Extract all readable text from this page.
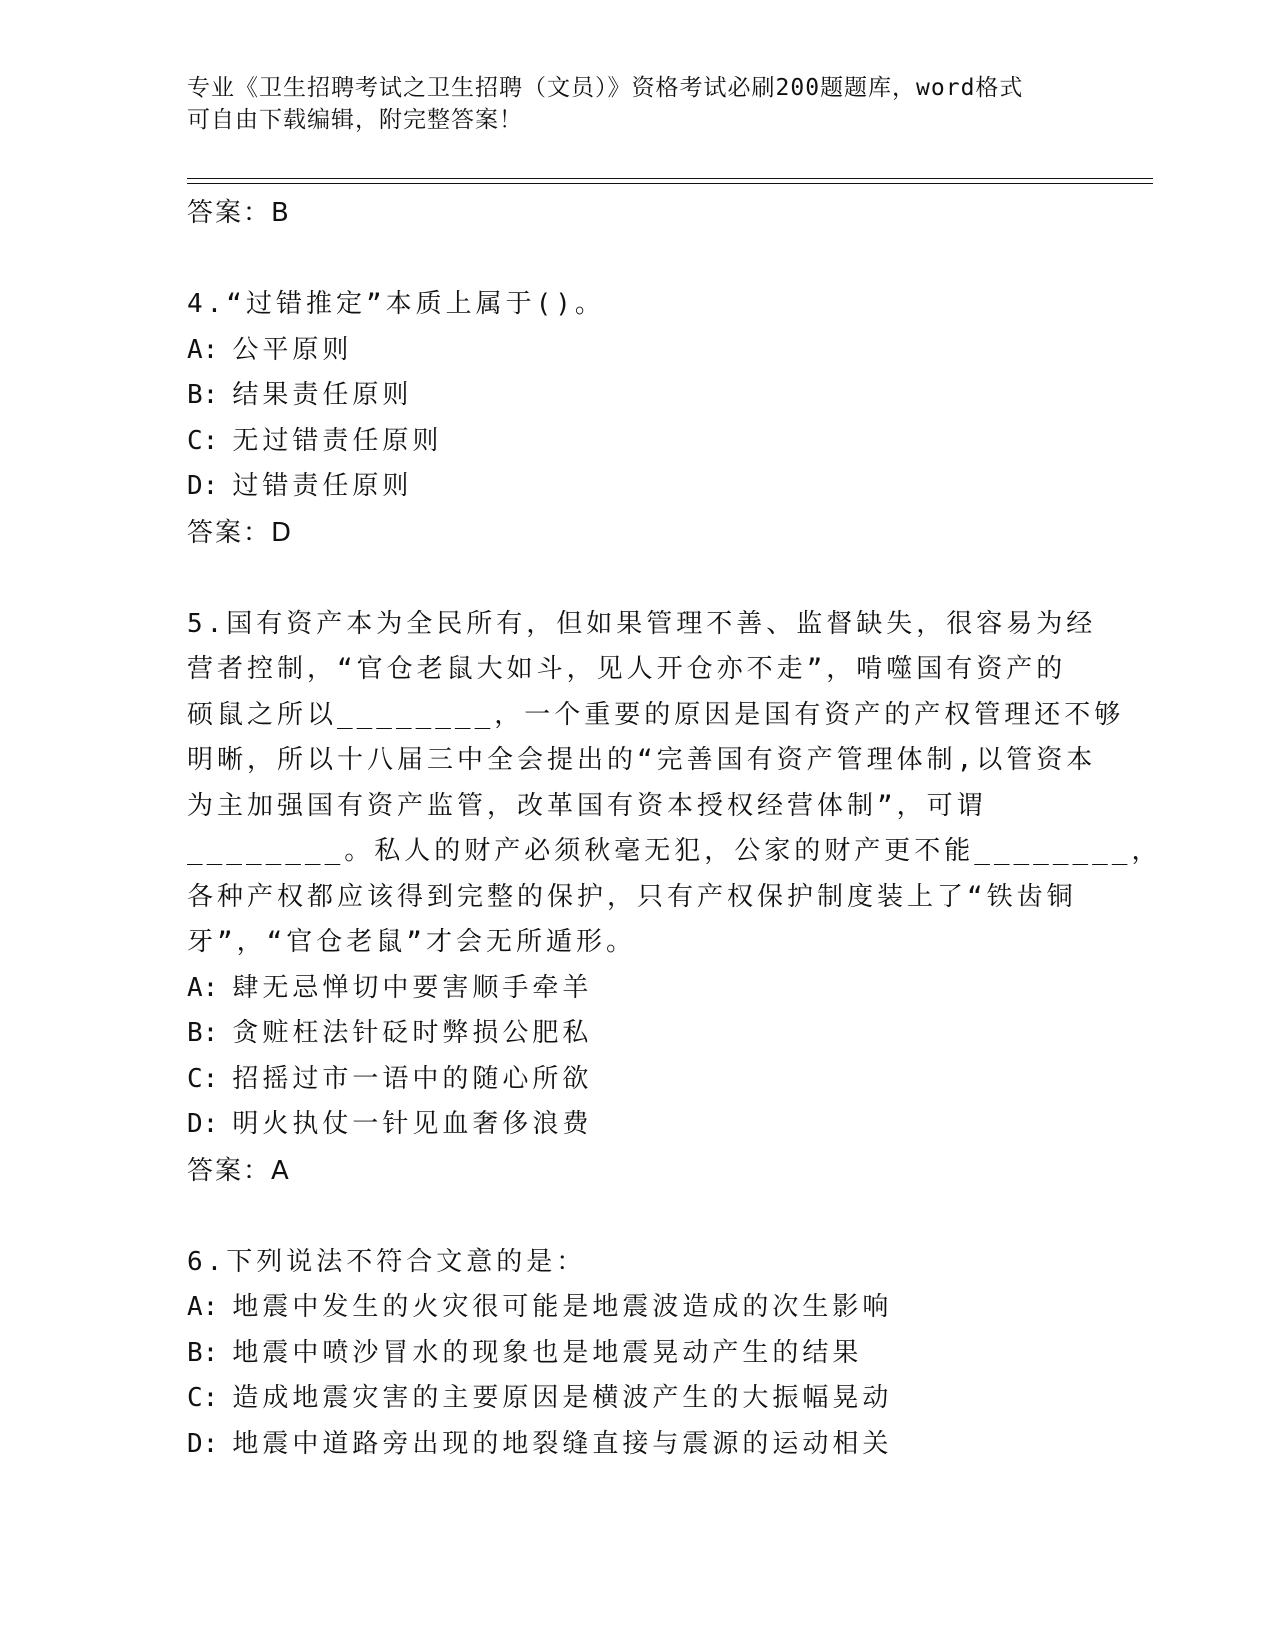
专业《卫生招聘考试之卫生招聘（文员）》资格考试必刷200题题库，word格式
可自由下载编辑，附完整答案！
答案：B
4.“过错推定”本质上属于()。
A: 公平原则
B: 结果责任原则
C: 无过错责任原则
D: 过错责任原则
答案：D
5.国有资产本为全民所有，但如果管理不善、监督缺失，很容易为经
营者控制，“官仓老鼠大如斗，见人开仓亦不走”，啃噬国有资产的
硕鼠之所以________，一个重要的原因是国有资产的产权管理还不够
明晰，所以十八届三中全会提出的“完善国有资产管理体制,以管资本
为主加强国有资产监管，改革国有资本授权经营体制”，可谓
________。私人的财产必须秋毫无犯，公家的财产更不能________，
各种产权都应该得到完整的保护，只有产权保护制度装上了“铁齿铜
牙”，“官仓老鼠”才会无所遁形。
A: 肆无忌惮切中要害顺手牵羊
B: 贪赃枉法针砭时弊损公肥私
C: 招摇过市一语中的随心所欲
D: 明火执仗一针见血奢侈浪费
答案：A
6.下列说法不符合文意的是：
A: 地震中发生的火灾很可能是地震波造成的次生影响
B: 地震中喷沙冒水的现象也是地震晃动产生的结果
C: 造成地震灾害的主要原因是横波产生的大振幅晃动
D: 地震中道路旁出现的地裂缝直接与震源的运动相关
